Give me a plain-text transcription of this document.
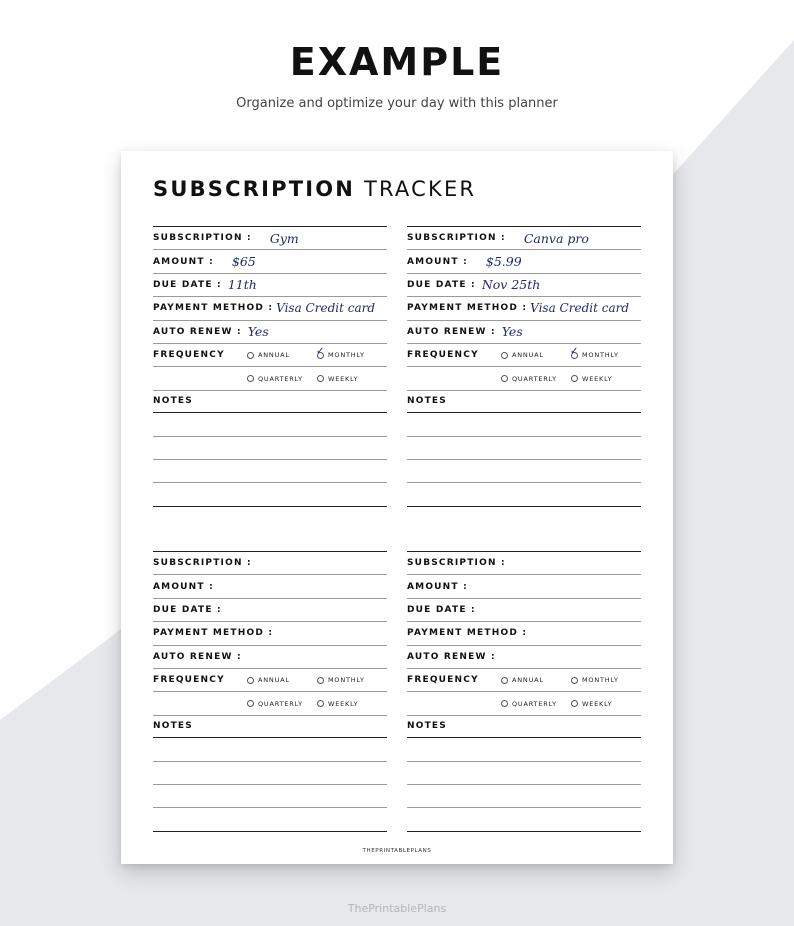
EXAMPLE
Organize and optimize your day with this planner
SUBSCRIPTION TRACKER
SUBSCRIPTION : Gym
AMOUNT : $65
DUE DATE : 11th
PAYMENT METHOD : Visa Credit card
AUTO RENEW : Yes
FREQUENCY	ANNUAL ✓	MONTHLY
QUARTERLY	WEEKLY
NOTES
SUBSCRIPTION : Canva pro
AMOUNT : $5.99
DUE DATE : Nov 25th
PAYMENT METHOD : Visa Credit card
AUTO RENEW : Yes
FREQUENCY	ANNUAL ✓	MONTHLY
QUARTERLY	WEEKLY
NOTES
SUBSCRIPTION :
AMOUNT :
DUE DATE :
PAYMENT METHOD :
AUTO RENEW :
FREQUENCY	ANNUAL	MONTHLY
QUARTERLY	WEEKLY
NOTES
SUBSCRIPTION :
AMOUNT :
DUE DATE :
PAYMENT METHOD :
AUTO RENEW :
FREQUENCY	ANNUAL	MONTHLY
QUARTERLY	WEEKLY
NOTES
THEPRINTABLEPLANS
ThePrintablePlans
